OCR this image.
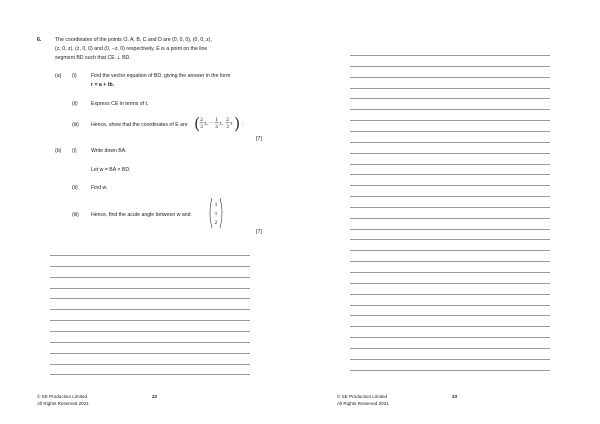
6.	The coordinates of the points O, A, B, C and D are (0, 0, 0), (0, 0, z),
(z, 0, z), (z, 0, 0) and (0, −z, 0) respectively. E is a point on the line
segment BD such that CE ⊥ BD.
(a) (i)	Find the vector equation of BD, giving the answer in the form
r = a + tb.
(ii)	Express CE in terms of t.
(iii) Hence, show that the coordinates of E are ( 2
3
z, −
1
3
z,
2
3
z ) .
[7]
(b) (i)	Write down BA.
Let w = BA × BD.
(ii)	Find w.
(iii) Hence, find the acute angle between w and
1
1
2
[7]
© SE Production Limited
All Rights Reserved 2021
22	© SE Production Limited
All Rights Reserved 2021
23
